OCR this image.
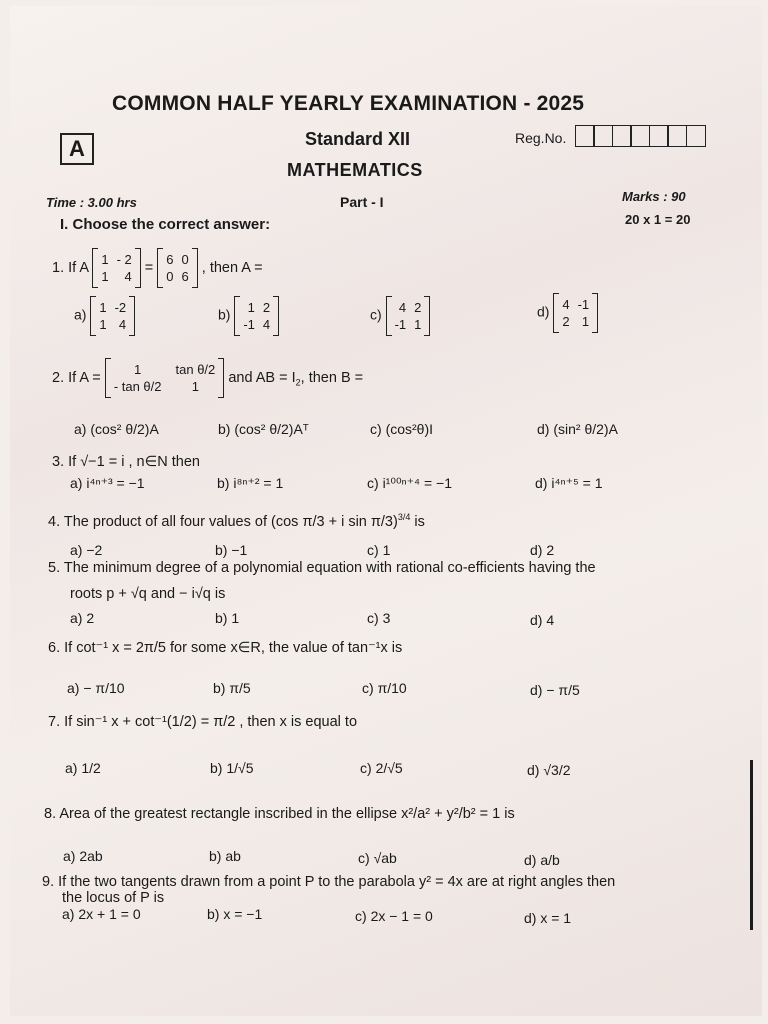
COMMON HALF YEARLY EXAMINATION - 2025
A	Standard XII	Reg.No.
MATHEMATICS
Time : 3.00 hrs	Part - I	Marks : 90
20 x 1 = 20
I. Choose the correct answer:
1. If A
1 - 2
1	4
=
6 0
0 6
, then A =
a) 1 -2
1 4
b)	1 2
-1 4
c)	4 2
-1 1
d) 4 -1
2 1
2. If A =
1	tan θ/2
- tan θ/2	1
and AB = $I_2$, then B =
a) (cos² θ/2)A	b) (cos² θ/2)Aᵀ	c) (cos²θ)I	d) (sin² θ/2)A
3. If √−1 = i , n∈N then
a) i⁴ⁿ⁺³ = −1	b) i⁸ⁿ⁺² = 1	c) i¹⁰⁰ⁿ⁺⁴ = −1	d) i⁴ⁿ⁺⁵ = 1
4. The product of all four values of (cos π/3 + i sin π/3)$^{3/4}$ is
a) −2	b) −1	c) 1	d) 2
5. The minimum degree of a polynomial equation with rational co-efficients having the
roots p + √q and − i√q is
a) 2	b) 1	c) 3	d) 4
6. If cot⁻¹ x = 2π/5 for some x∈R, the value of tan⁻¹x is
a) − π/10	b) π/5	c) π/10	d) − π/5
7. If sin⁻¹ x + cot⁻¹(1/2) = π/2 , then x is equal to
a) 1/2	b) 1/√5	c) 2/√5	d) √3/2
8. Area of the greatest rectangle inscribed in the ellipse x²/a² + y²/b² = 1 is
a) 2ab	b) ab	c) √ab	d) a/b
9. If the two tangents drawn from a point P to the parabola y² = 4x are at right angles then
the locus of P is
a) 2x + 1 = 0	b) x = −1	c) 2x − 1 = 0	d) x = 1
